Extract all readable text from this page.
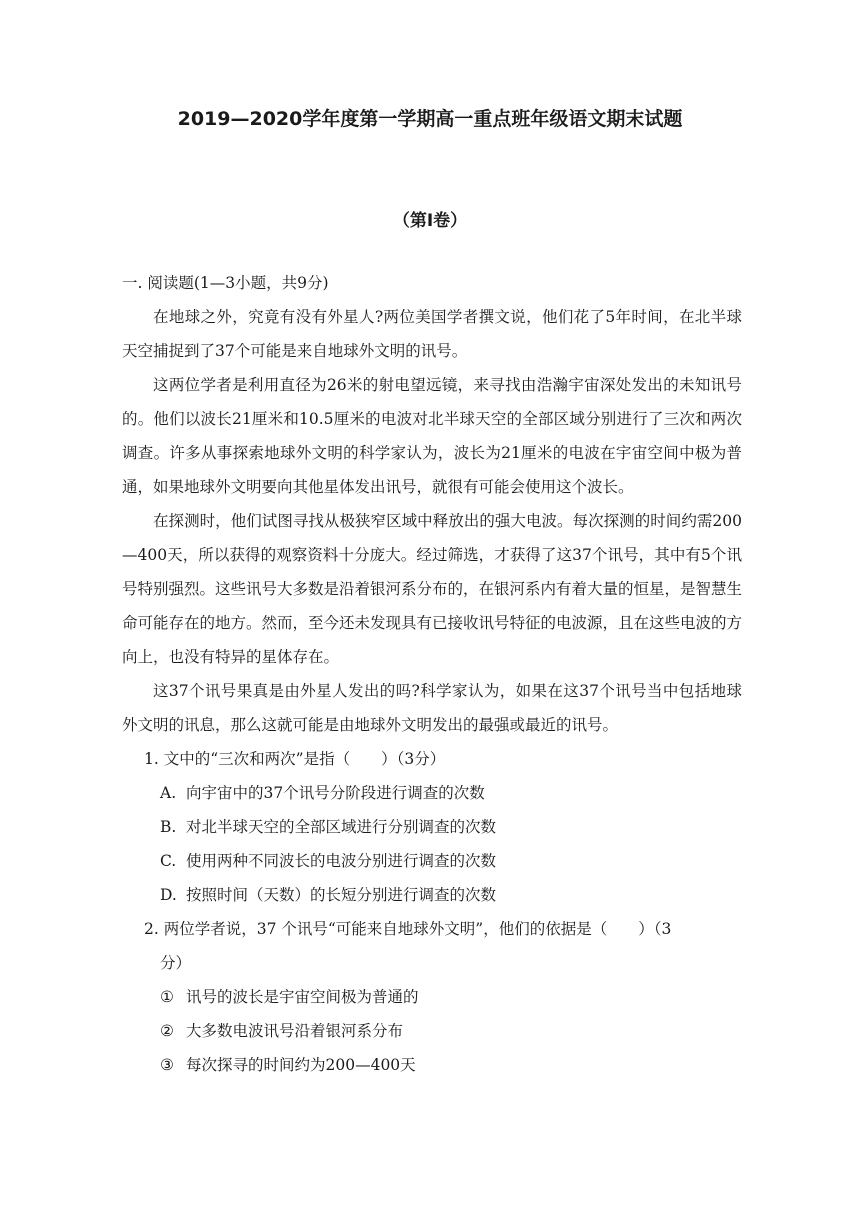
2019—2020学年度第一学期高一重点班年级语文期末试题
（第Ⅰ卷）

一. 阅读题(1—3小题，共9分)

在地球之外，究竟有没有外星人?两位美国学者撰文说，他们花了5年时间，在北半球天空捕捉到了37个可能是来自地球外文明的讯号。

这两位学者是利用直径为26米的射电望远镜，来寻找由浩瀚宇宙深处发出的未知讯号的。他们以波长21厘米和10.5厘米的电波对北半球天空的全部区域分别进行了三次和两次调查。许多从事探索地球外文明的科学家认为，波长为21厘米的电波在宇宙空间中极为普通，如果地球外文明要向其他星体发出讯号，就很有可能会使用这个波长。

在探测时，他们试图寻找从极狭窄区域中释放出的强大电波。每次探测的时间约需200—400天，所以获得的观察资料十分庞大。经过筛选，才获得了这37个讯号，其中有5个讯号特别强烈。这些讯号大多数是沿着银河系分布的，在银河系内有着大量的恒星，是智慧生命可能存在的地方。然而，至今还未发现具有已接收讯号特征的电波源，且在这些电波的方向上，也没有特异的星体存在。

这37个讯号果真是由外星人发出的吗?科学家认为，如果在这37个讯号当中包括地球外文明的讯息，那么这就可能是由地球外文明发出的最强或最近的讯号。

1. 文中的“三次和两次”是指（　　）（3分）
A. 向宇宙中的37个讯号分阶段进行调查的次数
B. 对北半球天空的全部区域进行分别调查的次数
C. 使用两种不同波长的电波分别进行调查的次数
D. 按照时间（天数）的长短分别进行调查的次数
2. 两位学者说，37 个讯号“可能来自地球外文明”，他们的依据是（　　）（3
分）
① 讯号的波长是宇宙空间极为普通的
② 大多数电波讯号沿着银河系分布
③ 每次探寻的时间约为200—400天
